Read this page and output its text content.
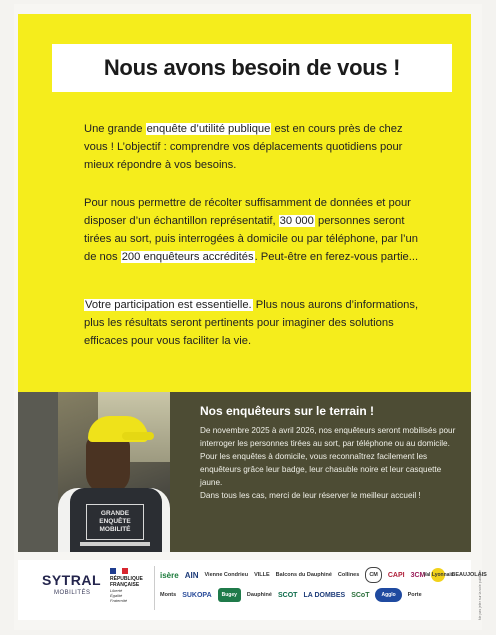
Nous avons besoin de vous !
Une grande enquête d’utilité publique est en cours près de chez vous ! L’objectif : comprendre vos déplacements quotidiens pour mieux répondre à vos besoins.
Pour nous permettre de récolter suffisamment de données et pour disposer d’un échantillon représentatif, 30 000 personnes seront tirées au sort, puis interrogées à domicile ou par téléphone, par l’un de nos 200 enquêteurs accrédités. Peut-être en ferez-vous partie...
Votre participation est essentielle. Plus nous aurons d’informations, plus les résultats seront pertinents pour imaginer des solutions efficaces pour vous faciliter la vie.
GRANDE
ENQUÊTE
MOBILITÉ
Nos enquêteurs sur le terrain !

De novembre 2025 à avril 2026, nos enquêteurs seront mobilisés pour interroger les personnes tirées au sort, par téléphone ou au domicile.

Pour les enquêtes à domicile, vous reconnaîtrez facilement les enquêteurs grâce leur badge, leur chasuble noire et leur casquette jaune.

Dans tous les cas, merci de leur réserver le meilleur accueil !

SYTRAL
MOBILITÉS
RÉPUBLIQUE
FRANÇAISE
Liberté
Égalité
Fraternité
isère AIN Vienne Condrieu VILLE Balcons du Dauphiné Collines	CM	CAPI 3CM
Val Lyonnais
BEAUJOLAIS
Monts SUKOPA	Bugey	Dauphiné SCOT LA DOMBES SCoT	Agglo	Porte	Ne pas jeter sur la voie publique
